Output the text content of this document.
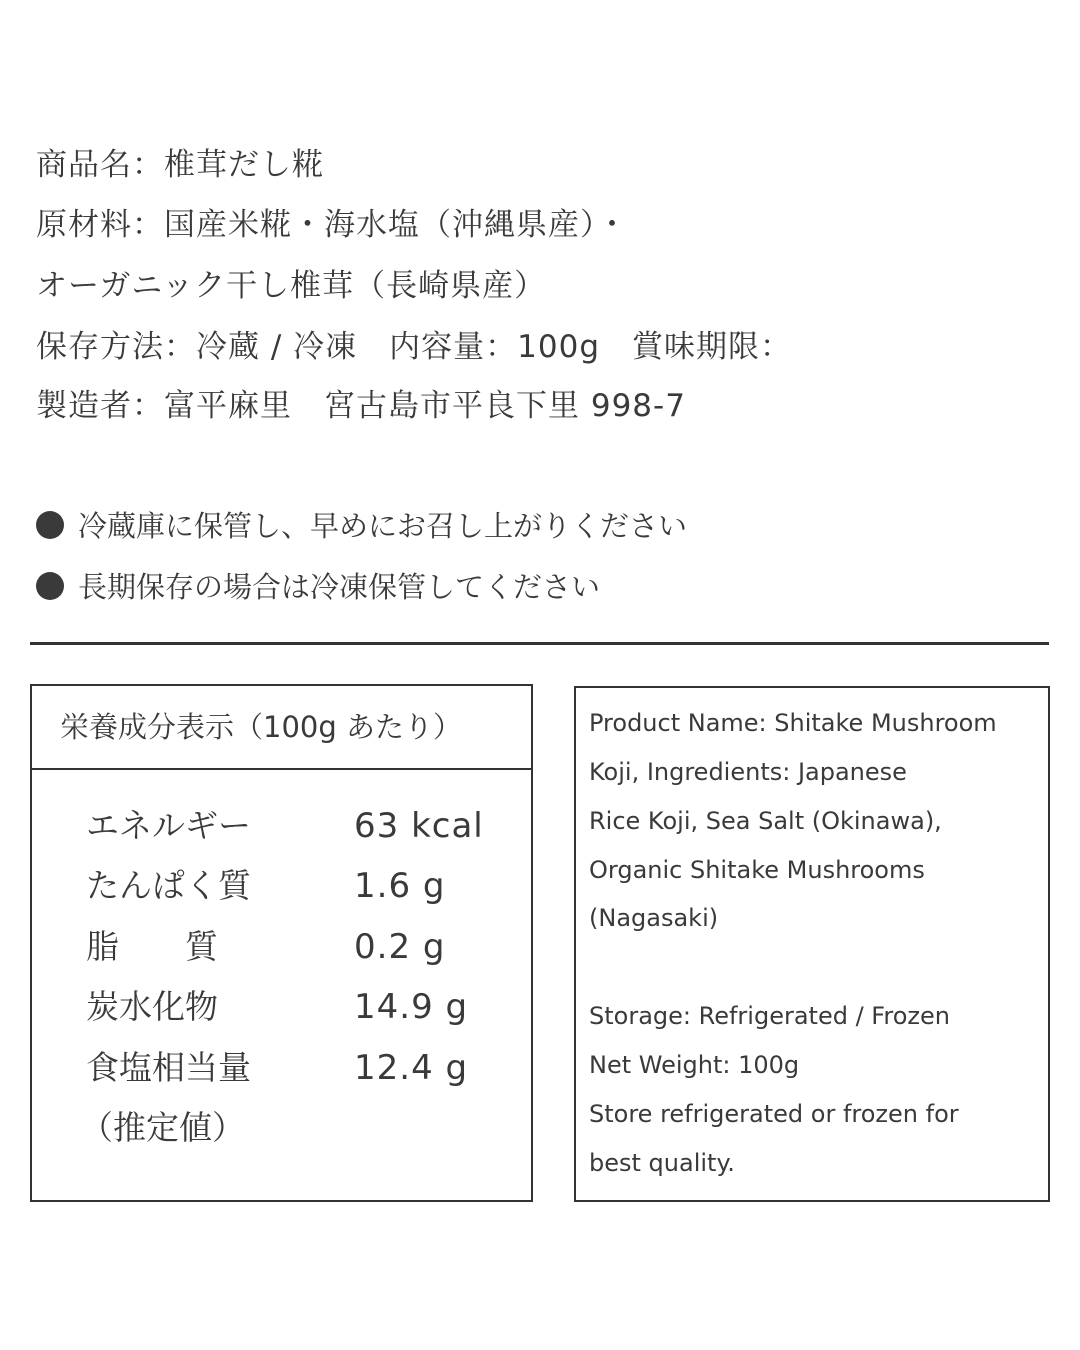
商品名：椎茸だし糀
原材料：国産米糀・海水塩（沖縄県産）・
オーガニック干し椎茸（長崎県産）
保存方法：冷蔵 / 冷凍　内容量：100g　賞味期限：
製造者：富平麻里　宮古島市平良下里 998-7
冷蔵庫に保管し、早めにお召し上がりください
長期保存の場合は冷凍保管してください
栄養成分表示（100g あたり）
エネルギー	63 kcal
たんぱく質	1.6 g
脂　　質	0.2 g
炭水化物	14.9 g
食塩相当量	12.4 g
（推定値）
Product Name: Shitake Mushroom
Koji, Ingredients: Japanese
Rice Koji, Sea Salt (Okinawa),
Organic Shitake Mushrooms
(Nagasaki)
Storage: Refrigerated / Frozen
Net Weight: 100g
Store refrigerated or frozen for
best quality.
